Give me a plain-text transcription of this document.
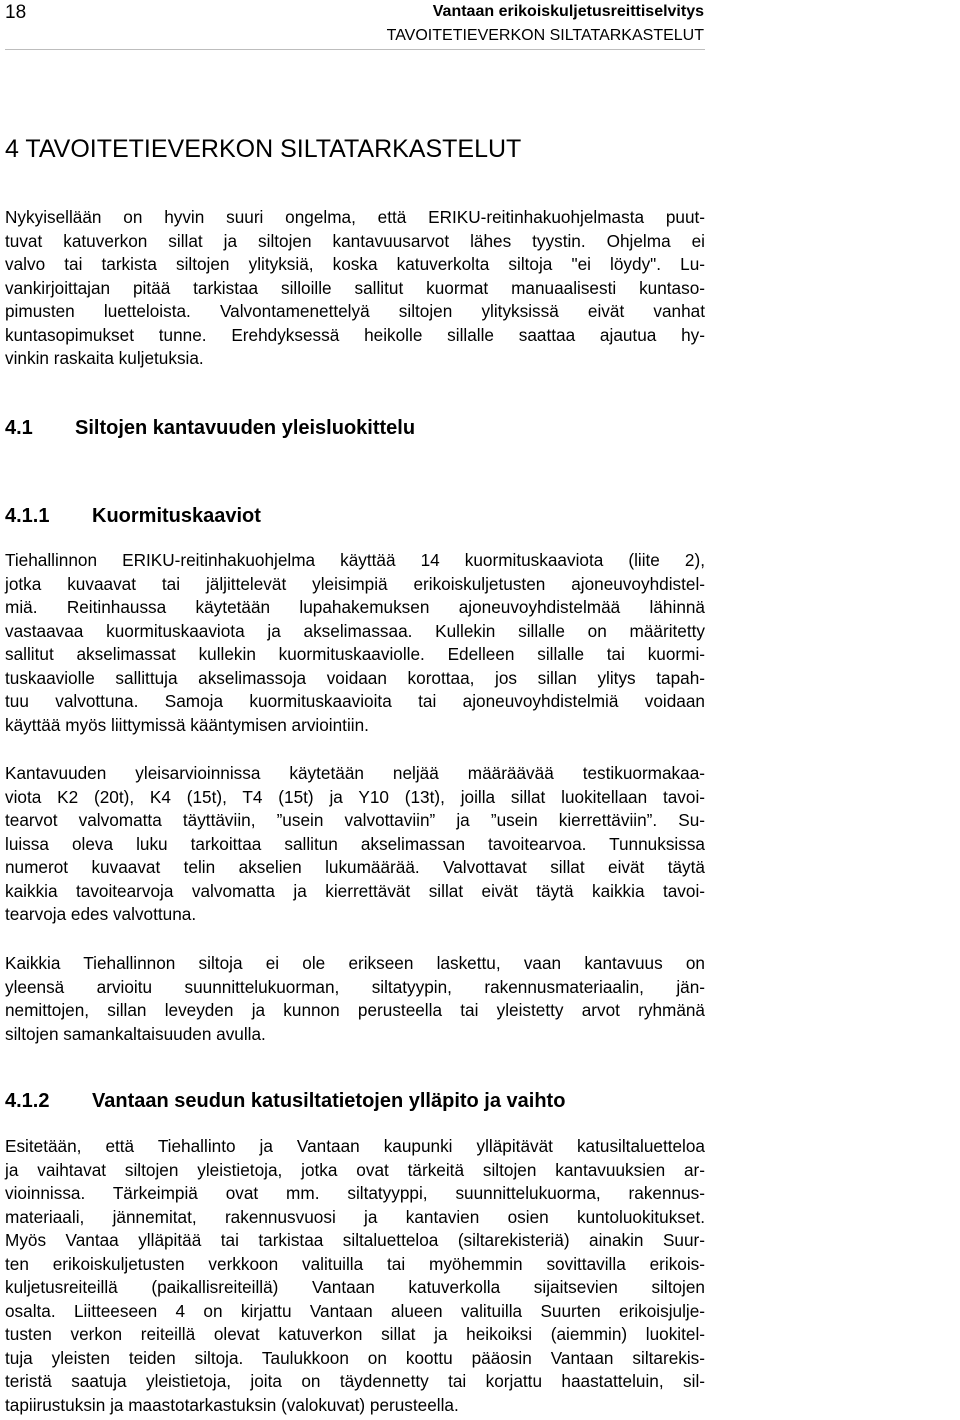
18	Vantaan erikoiskuljetusreittiselvitys
TAVOITETIEVERKON SILTATARKASTELUT
4 TAVOITETIEVERKON SILTATARKASTELUT
Nykyisellään on hyvin suuri ongelma, että ERIKU-reitinhakuohjelmasta puut-
tuvat katuverkon sillat ja siltojen kantavuusarvot lähes tyystin. Ohjelma ei
valvo tai tarkista siltojen ylityksiä, koska katuverkolta siltoja "ei löydy". Lu-
vankirjoittajan pitää tarkistaa silloille sallitut kuormat manuaalisesti kuntaso-
pimusten luetteloista. Valvontamenettelyä siltojen ylityksissä eivät vanhat
kuntasopimukset tunne. Erehdyksessä heikolle sillalle saattaa ajautua hy-
vinkin raskaita kuljetuksia.
4.1 Siltojen kantavuuden yleisluokittelu
4.1.1 Kuormituskaaviot
Tiehallinnon ERIKU-reitinhakuohjelma käyttää 14 kuormituskaaviota (liite 2),
jotka kuvaavat tai jäljittelevät yleisimpiä erikoiskuljetusten ajoneuvoyhdistel-
miä. Reitinhaussa käytetään lupahakemuksen ajoneuvoyhdistelmää lähinnä
vastaavaa kuormituskaaviota ja akselimassaa. Kullekin sillalle on määritetty
sallitut akselimassat kullekin kuormituskaaviolle. Edelleen sillalle tai kuormi-
tuskaaviolle sallittuja akselimassoja voidaan korottaa, jos sillan ylitys tapah-
tuu valvottuna. Samoja kuormituskaavioita tai ajoneuvoyhdistelmiä voidaan
käyttää myös liittymissä kääntymisen arviointiin.
Kantavuuden yleisarvioinnissa käytetään neljää määräävää testikuormakaa-
viota K2 (20t), K4 (15t), T4 (15t) ja Y10 (13t), joilla sillat luokitellaan tavoi-
tearvot valvomatta täyttäviin, ”usein valvottaviin” ja ”usein kierrettäviin”. Su-
luissa oleva luku tarkoittaa sallitun akselimassan tavoitearvoa. Tunnuksissa
numerot kuvaavat telin akselien lukumäärää. Valvottavat sillat eivät täytä
kaikkia tavoitearvoja valvomatta ja kierrettävät sillat eivät täytä kaikkia tavoi-
tearvoja edes valvottuna.
Kaikkia Tiehallinnon siltoja ei ole erikseen laskettu, vaan kantavuus on
yleensä arvioitu suunnittelukuorman, siltatyypin, rakennusmateriaalin, jän-
nemittojen, sillan leveyden ja kunnon perusteella tai yleistetty arvot ryhmänä
siltojen samankaltaisuuden avulla.
4.1.2 Vantaan seudun katusiltatietojen ylläpito ja vaihto
Esitetään, että Tiehallinto ja Vantaan kaupunki ylläpitävät katusiltaluetteloa
ja vaihtavat siltojen yleistietoja, jotka ovat tärkeitä siltojen kantavuuksien ar-
vioinnissa. Tärkeimpiä ovat mm. siltatyyppi, suunnittelukuorma, rakennus-
materiaali, jännemitat, rakennusvuosi ja kantavien osien kuntoluokitukset.
Myös Vantaa ylläpitää tai tarkistaa siltaluetteloa (siltarekisteriä) ainakin Suur-
ten erikoiskuljetusten verkkoon valituilla tai myöhemmin sovittavilla erikois-
kuljetusreiteillä (paikallisreiteillä) Vantaan katuverkolla sijaitsevien siltojen
osalta. Liitteeseen 4 on kirjattu Vantaan alueen valituilla Suurten erikoisjulje-
tusten verkon reiteillä olevat katuverkon sillat ja heikoiksi (aiemmin) luokitel-
tuja yleisten teiden siltoja. Taulukkoon on koottu pääosin Vantaan siltarekis-
teristä saatuja yleistietoja, joita on täydennetty tai korjattu haastatteluin, sil-
tapiirustuksin ja maastotarkastuksin (valokuvat) perusteella.
